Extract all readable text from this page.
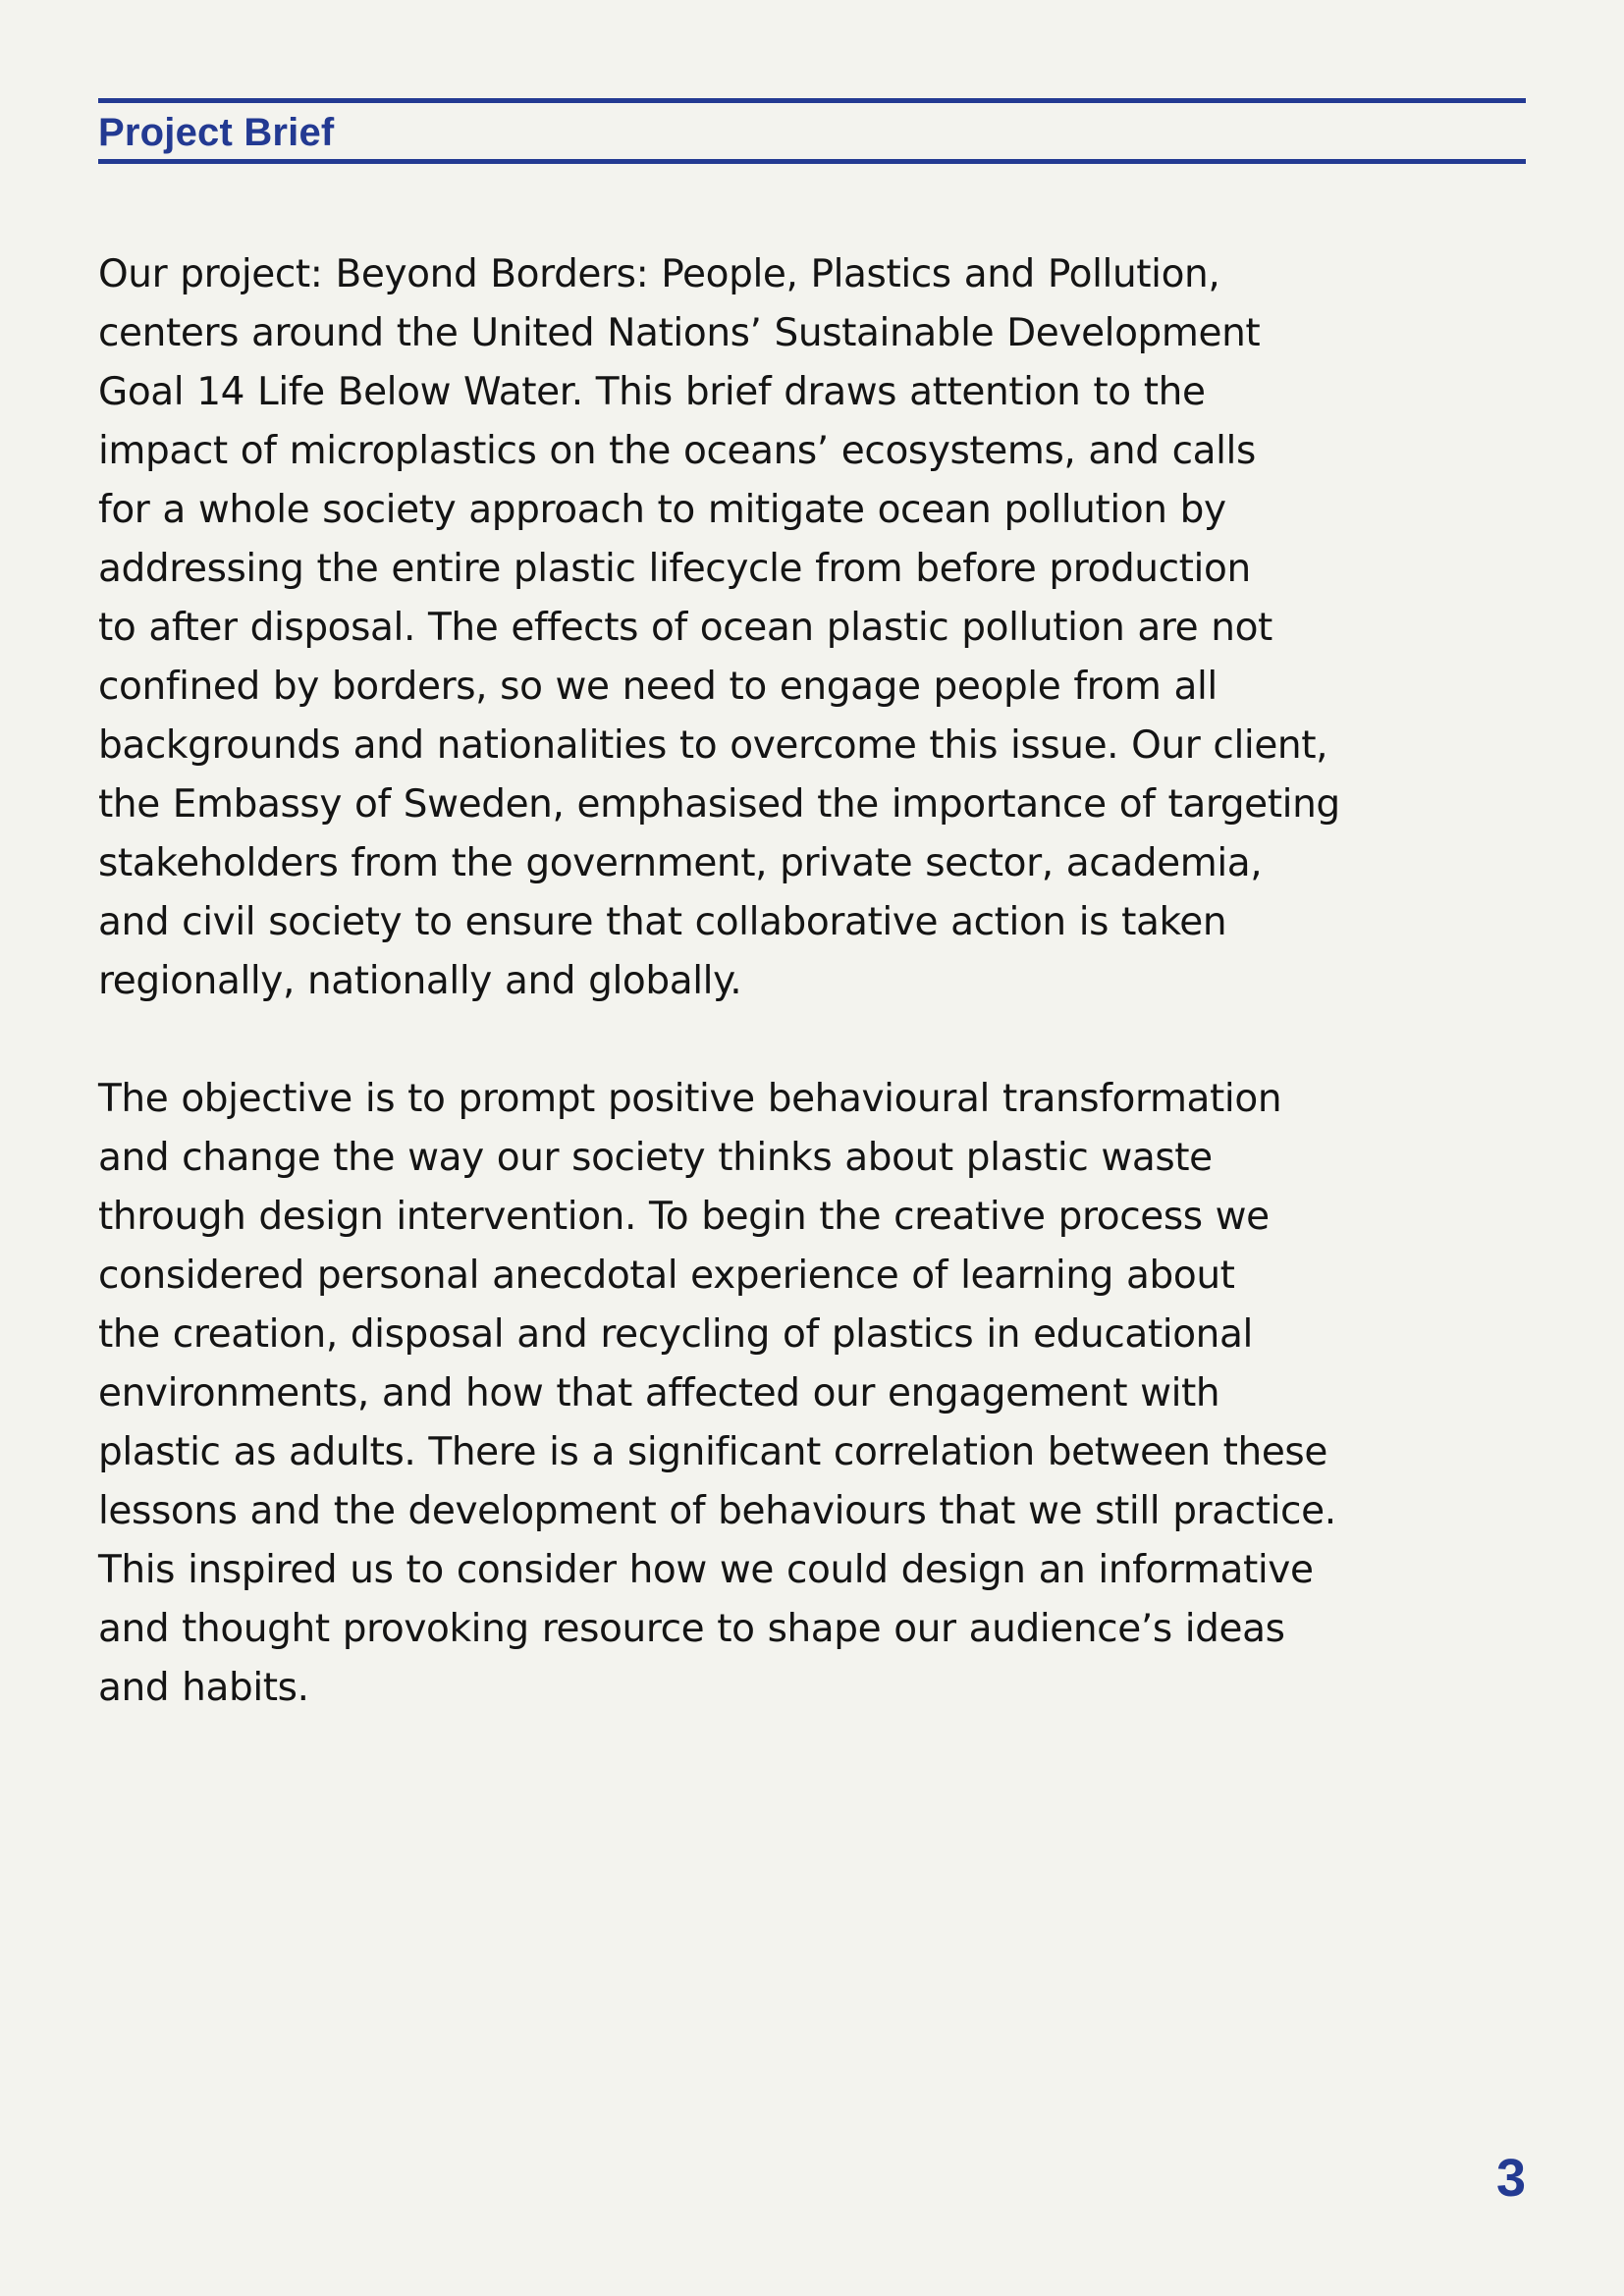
Project Brief

Our project: Beyond Borders: People, Plastics and Pollution,
centers around the United Nations’ Sustainable Development
Goal 14 Life Below Water. This brief draws attention to the
impact of microplastics on the oceans’ ecosystems, and calls
for a whole society approach to mitigate ocean pollution by
addressing the entire plastic lifecycle from before production
to after disposal. The effects of ocean plastic pollution are not
confined by borders, so we need to engage people from all
backgrounds and nationalities to overcome this issue. Our client,
the Embassy of Sweden, emphasised the importance of targeting
stakeholders from the government, private sector, academia,
and civil society to ensure that collaborative action is taken
regionally, nationally and globally.

The objective is to prompt positive behavioural transformation
and change the way our society thinks about plastic waste
through design intervention. To begin the creative process we
considered personal anecdotal experience of learning about
the creation, disposal and recycling of plastics in educational
environments, and how that affected our engagement with
plastic as adults. There is a significant correlation between these
lessons and the development of behaviours that we still practice.
This inspired us to consider how we could design an informative
and thought provoking resource to shape our audience’s ideas
and habits.

3
